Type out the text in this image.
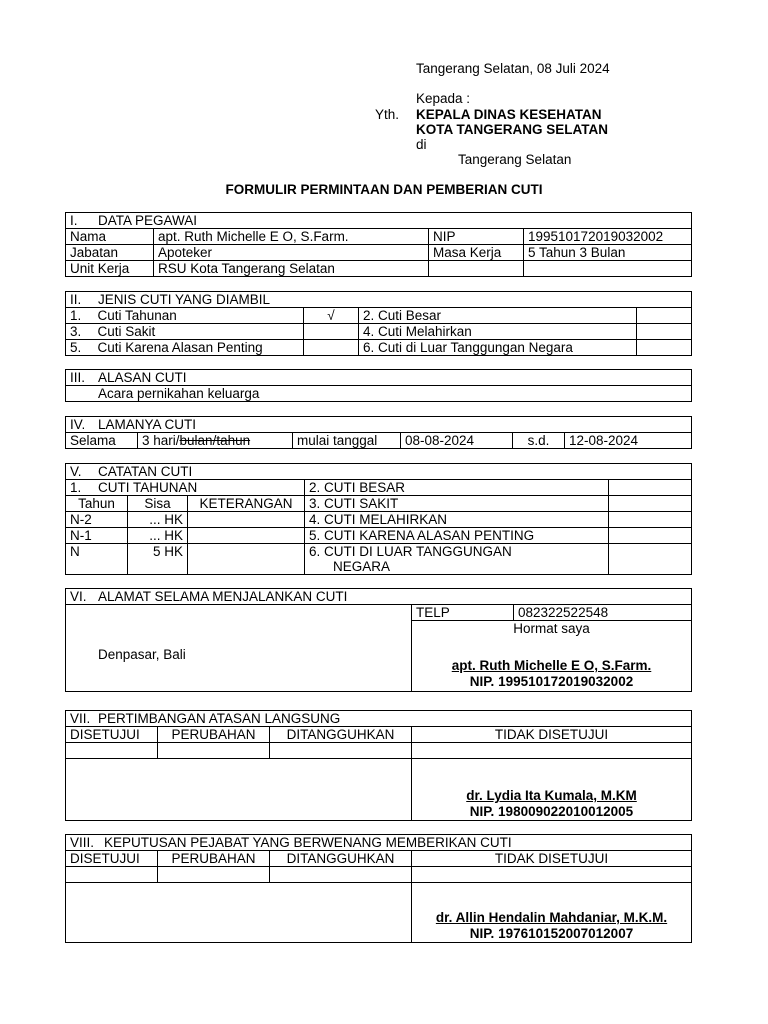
Tangerang Selatan, 08 Juli 2024
Kepada :
Yth. KEPALA DINAS KESEHATAN
KOTA TANGERANG SELATAN
di
Tangerang Selatan
FORMULIR PERMINTAAN DAN PEMBERIAN CUTI
I. DATA PEGAWAI			
Nama	apt. Ruth Michelle E O, S.Farm.	NIP	199510172019032002
Jabatan	Apoteker	Masa Kerja	5 Tahun 3 Bulan
Unit Kerja	RSU Kota Tangerang Selatan		
II. JENIS CUTI YANG DIAMBIL				
1.	Cuti Tahunan	√	2. Cuti Besar	
3.	Cuti Sakit		4. Cuti Melahirkan	
5.	Cuti Karena Alasan Penting		6. Cuti di Luar Tanggungan Negara	
III. ALASAN CUTI
Acara pernikahan keluarga
IV. LAMANYA CUTI
Selama	3 hari/bulan/tahun	mulai tanggal	08-08-2024	s.d.	12-08-2024
V. CATATAN CUTI				
1. CUTI TAHUNAN			2. CUTI BESAR	
Tahun	Sisa	KETERANGAN	3. CUTI SAKIT	
N-2	... HK		4. CUTI MELAHIRKAN	
N-1	... HK		5. CUTI KARENA ALASAN PENTING	
N	5 HK		6. CUTI DI LUAR TANGGUNGAN
NEGARA	

VI. ALAMAT SELAMA MENJALANKAN CUTI

Denpasar, Bali
	TELP	082322522548

Hormat saya
apt. Ruth Michelle E O, S.Farm.
NIP. 199510172019032002
VII. PERTIMBANGAN ATASAN LANGSUNG			
DISETUJUI	PERUBAHAN	DITANGGUHKAN	TIDAK DISETUJUI

			dr. Lydia Ita Kumala, M.KM
NIP. 198009022010012005
VIII. KEPUTUSAN PEJABAT YANG BERWENANG MEMBERIKAN CUTI			
DISETUJUI	PERUBAHAN	DITANGGUHKAN	TIDAK DISETUJUI

			dr. Allin Hendalin Mahdaniar, M.K.M.
NIP. 197610152007012007
